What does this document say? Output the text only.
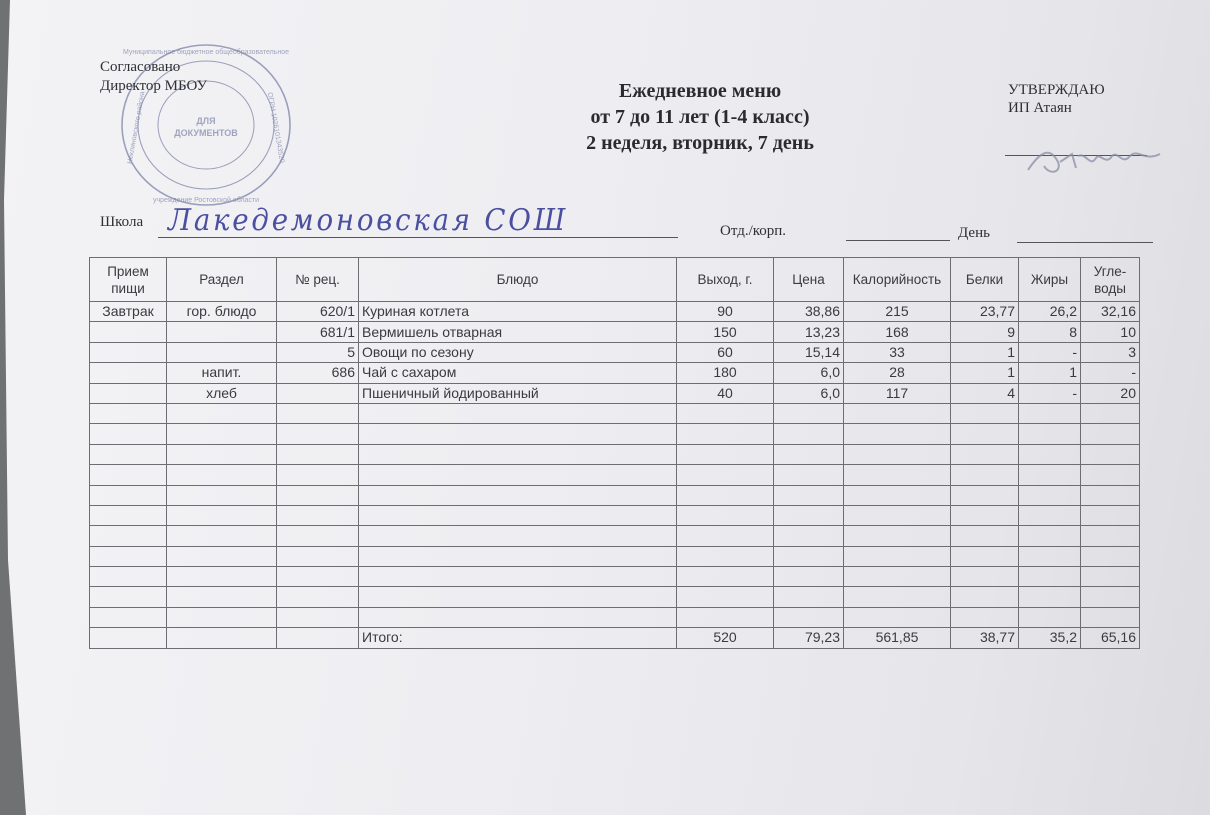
Муниципальное бюджетное общеобразовательное
учреждение Ростовской области
Неклиновского района	ОГРН 1026101343520
ДЛЯ
ДОКУМЕНТОВ
Согласовано
Директор МБОУ	Ежедневное меню
от 7 до 11 лет (1-4 класс)
2 неделя, вторник, 7 день
УТВЕРЖДАЮ
ИП Атаян
Школа Лакедемоновская СОШ	Отд./корп.	День
Прием пищи	Раздел	№ рец.	Блюдо	Выход, г.	Цена	Калорийность	Белки	Жиры	Угле-воды
Завтрак	гор. блюдо	620/1	Куриная котлета	90	38,86	215	23,77	26,2	32,16
		681/1	Вермишель отварная	150	13,23	168	9	8	10
		5	Овощи по сезону	60	15,14	33	1	-	3
	напит.	686	Чай с сахаром	180	6,0	28	1	1	-
	хлеб		Пшеничный йодированный	40	6,0	117	4	-	20

			Итого:	520	79,23	561,85	38,77	35,2	65,16
